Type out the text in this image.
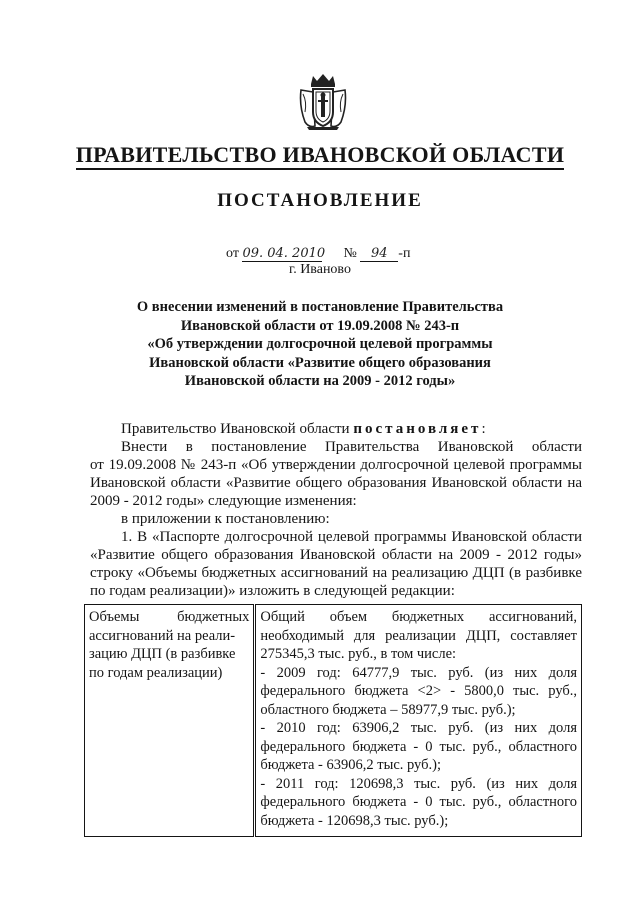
ПРАВИТЕЛЬСТВО ИВАНОВСКОЙ ОБЛАСТИ
ПОСТАНОВЛЕНИЕ
от 09. 04. 2010 № 94 -п
г. Иваново
О внесении изменений в постановление Правительства
Ивановской области от 19.09.2008 № 243-п
«Об утверждении долгосрочной целевой программы
Ивановской области «Развитие общего образования
Ивановской области на 2009 - 2012 годы»
Правительство Ивановской области постановляет:
Внести в постановление Правительства Ивановской области
от 19.09.2008 № 243-п «Об утверждении долгосрочной целевой программы
Ивановской области «Развитие общего образования Ивановской области на
2009 - 2012 годы» следующие изменения:
в приложении к постановлению:
1. В «Паспорте долгосрочной целевой программы Ивановской области
«Развитие общего образования Ивановской области на 2009 - 2012 годы»
строку «Объемы бюджетных ассигнований на реализацию ДЦП (в разбивке
по годам реализации)» изложить в следующей редакции:
Объемы бюджетных
ассигнований на реали-
зацию ДЦП (в разбивке
по годам реализации)

Общий объем бюджетных ассигнований,
необходимый для реализации ДЦП, составляет
275345,3 тыс. руб., в том числе:
- 2009 год: 64777,9 тыс. руб. (из них доля
федерального бюджета <2> - 5800,0 тыс. руб.,
областного бюджета – 58977,9 тыс. руб.);
- 2010 год: 63906,2 тыс. руб. (из них доля
федерального бюджета - 0 тыс. руб., областного
бюджета - 63906,2 тыс. руб.);
- 2011 год: 120698,3 тыс. руб. (из них доля
федерального бюджета - 0 тыс. руб., областного
бюджета - 120698,3 тыс. руб.);
